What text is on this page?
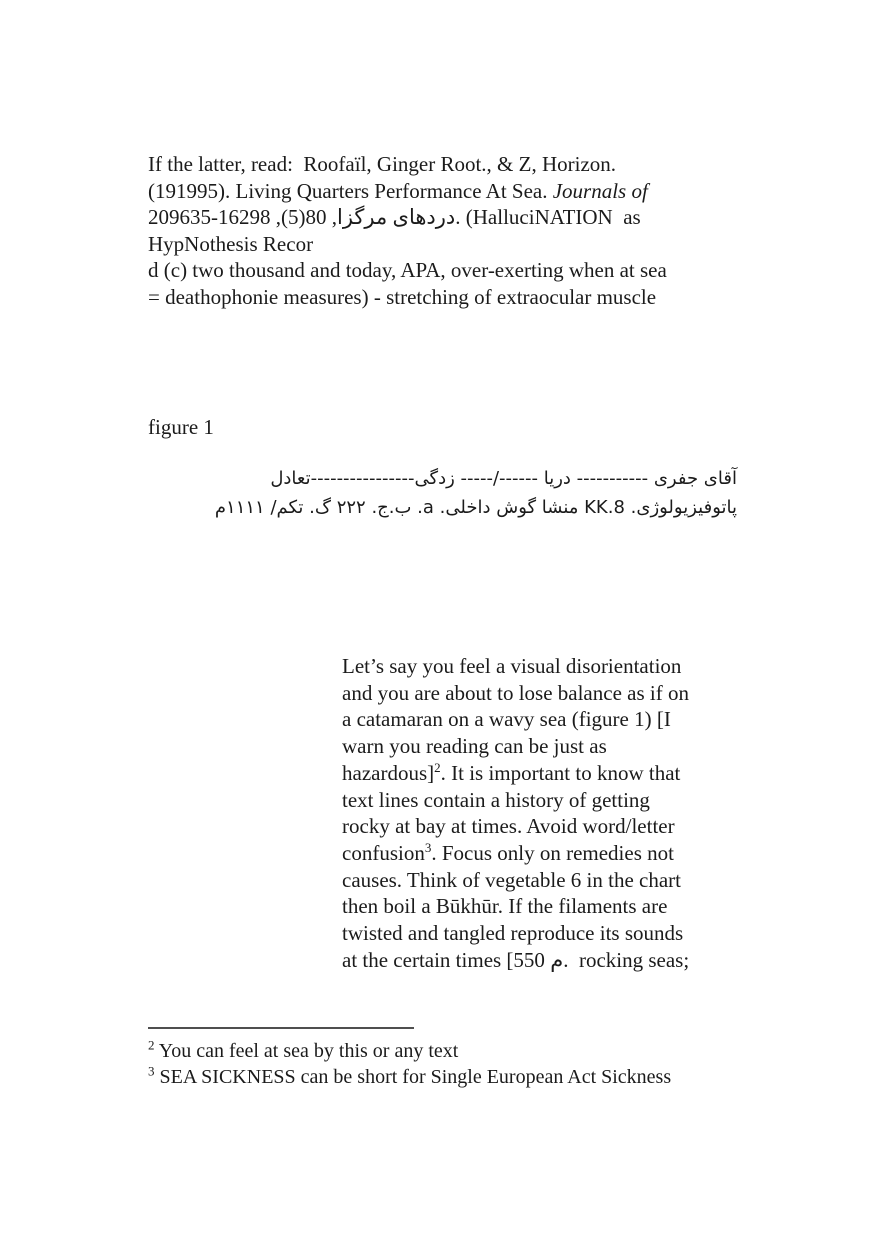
If the latter, read:  Roofaïl, Ginger Root., & Z, Horizon.
(191995). Living Quarters Performance At Sea. Journals of
دردهای مرگزا, 80(5), 16298-209635. (HalluciNATION  as
HypNothesis Recor
d (c) two thousand and today, APA, over-exerting when at sea
= deathophonie measures) - stretching of extraocular muscle
figure 1
آقای جفری ----------- دریا ------/----- زدگی----------------تعادل
پاتوفیزیولوژی. KK.8 منشا گوش داخلی. a. ب.ج. ۲۲۲ گ. تکم/ ۱۱۱۱م
Let’s say you feel a visual disorientation
and you are about to lose balance as if on
a catamaran on a wavy sea (figure 1) [I
warn you reading can be just as
hazardous]$^2$. It is important to know that
text lines contain a history of getting
rocky at bay at times. Avoid word/letter
confusion$^3$. Focus only on remedies not
causes. Think of vegetable 6 in the chart
then boil a Būkhūr. If the filaments are
twisted and tangled reproduce its sounds
at the certain times [550 م.  rocking seas;
$^2$ You can feel at sea by this or any text
$^3$ SEA SICKNESS can be short for Single European Act Sickness
